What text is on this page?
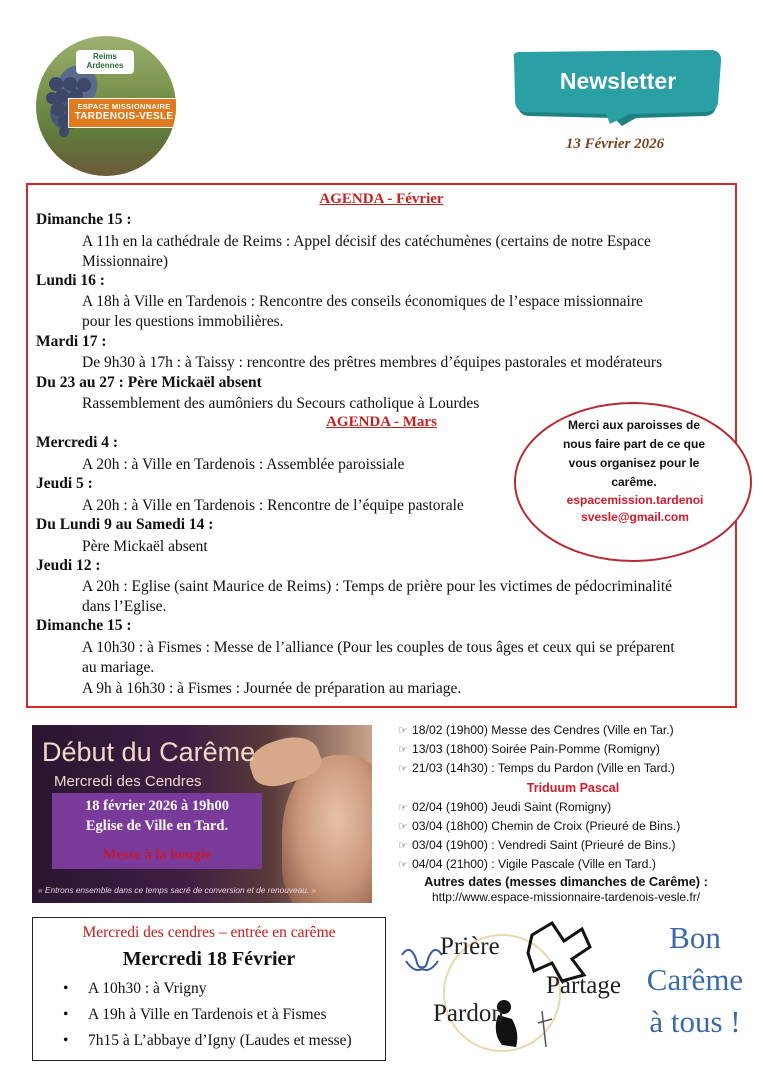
Reims
Ardennes
ESPACE MISSIONNAIRE
TARDENOIS-VESLE
Newsletter
13 Février 2026
AGENDA - Février
Dimanche 15 :
A 11h en la cathédrale de Reims : Appel décisif des catéchumènes (certains de notre Espace
Missionnaire)
Lundi 16 :
A 18h à Ville en Tardenois : Rencontre des conseils économiques de l’espace missionnaire
pour les questions immobilières.
Mardi 17 :
De 9h30 à 17h : à Taissy : rencontre des prêtres membres d’équipes pastorales et modérateurs
Du 23 au 27 : Père Mickaël absent
Rassemblement des aumôniers du Secours catholique à Lourdes
AGENDA - Mars
Mercredi 4 :
A 20h : à Ville en Tardenois : Assemblée paroissiale
Jeudi 5 :
A 20h : à Ville en Tardenois : Rencontre de l’équipe pastorale
Du Lundi 9 au Samedi 14 :
Père Mickaël absent
Jeudi 12 :
A 20h : Eglise (saint Maurice de Reims) : Temps de prière pour les victimes de pédocriminalité
dans l’Eglise.
Dimanche 15 :
A 10h30 : à Fismes : Messe de l’alliance (Pour les couples de tous âges et ceux qui se préparent
au mariage.
A 9h à 16h30 : à Fismes : Journée de préparation au mariage.
Merci aux paroisses de
nous faire part de ce que
vous organisez pour le
carême.
espacemission.tardenoi
svesle@gmail.com
Début du Carême
Mercredi des Cendres
18 février 2026 à 19h00
Eglise de Ville en Tard.
Messe à la bougie
« Entrons ensemble dans ce temps sacré de conversion et de renouveau. »
☞ 18/02 (19h00) Messe des Cendres (Ville en Tar.)
☞ 13/03 (18h00) Soirée Pain-Pomme (Romigny)
☞ 21/03 (14h30) : Temps du Pardon (Ville en Tard.)
Triduum Pascal
☞ 02/04 (19h00) Jeudi Saint (Romigny)
☞ 03/04 (18h00) Chemin de Croix (Prieuré de Bins.)
☞ 03/04 (19h00) : Vendredi Saint (Prieuré de Bins.)
☞ 04/04 (21h00) : Vigile Pascale (Ville en Tard.)
Autres dates (messes dimanches de Carême) :
http://www.espace-missionnaire-tardenois-vesle.fr/
Mercredi des cendres – entrée en carême
Mercredi 18 Février
• A 10h30 : à Vrigny
• A 19h à Ville en Tardenois et à Fismes
• 7h15 à L’abbaye d’Igny (Laudes et messe)
Prière
Partage
Pardon
Bon
Carême
à tous !
